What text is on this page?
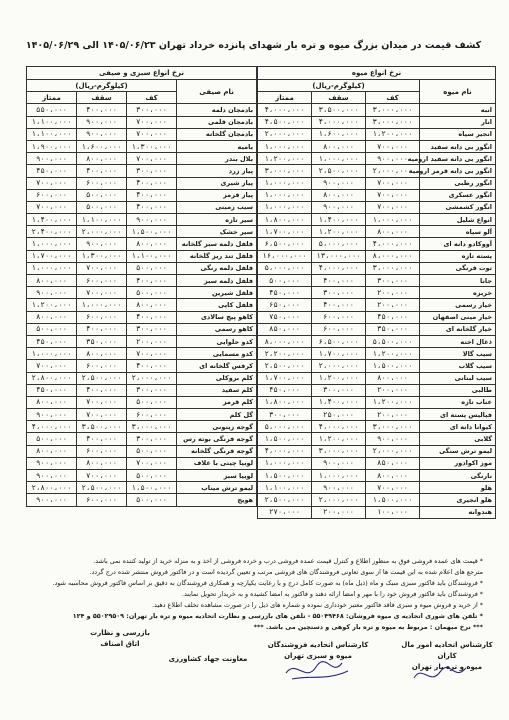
کشف قیمت در میدان بزرگ میوه و تره بار شهدای پانزده خرداد تهران ۱۴۰۵/۰۶/۲۳ الی ۱۴۰۵/۰۶/۲۹
نرخ انواع میوه			
نام میوه	(کیلوگرم-ریال)		
	کف	سقف	ممتاز
انبه	۳،۰۰۰،۰۰۰	۳،۵۰۰،۰۰۰	۴،۰۰۰،۰۰۰
انار	۳،۰۰۰،۰۰۰	۴،۰۰۰،۰۰۰	۴،۵۰۰،۰۰۰
انجیر سیاه	۱،۲۰۰،۰۰۰	۱،۶۰۰،۰۰۰	۲،۰۰۰،۰۰۰
انگور بی دانه سفید	۷۰۰،۰۰۰	۸۰۰،۰۰۰	۱،۰۰۰،۰۰۰
انگور بی دانه سفید ارومیه	۹۰۰،۰۰۰	۱،۰۰۰،۰۰۰	۱،۲۰۰،۰۰۰
انگور بی دانه قرمز ارومیه	۲،۰۰۰،۰۰۰	۲،۵۰۰،۰۰۰	۳،۰۰۰،۰۰۰
انگور رطبی	۷۰۰،۰۰۰	۹۰۰،۰۰۰	۱،۰۰۰،۰۰۰
انگور عسکری	۷۰۰،۰۰۰	۸۰۰،۰۰۰	۱،۰۰۰،۰۰۰
انگور کشمشی	۷۰۰،۰۰۰	۹۰۰،۰۰۰	۱،۰۰۰،۰۰۰
انواع شلیل	۱،۰۰۰،۰۰۰	۱،۴۰۰،۰۰۰	۱،۸۰۰،۰۰۰
آلو سیاه	۸۰۰،۰۰۰	۱،۲۰۰،۰۰۰	۱،۷۰۰،۰۰۰
آووکادو دانه ای	۴،۰۰۰،۰۰۰	۵،۰۰۰،۰۰۰	۶،۵۰۰،۰۰۰
پسته تازه	۸،۰۰۰،۰۰۰	۱۳،۰۰۰،۰۰۰	۱۶،۰۰۰،۰۰۰
توت فرنگی	۳،۰۰۰،۰۰۰	۴،۰۰۰،۰۰۰	۵،۰۰۰،۰۰۰
جانا	۳۰۰،۰۰۰	۴۰۰،۰۰۰	۵۰۰،۰۰۰
خربزه	۲۰۰،۰۰۰	۳۰۰،۰۰۰	۴۵۰،۰۰۰
خیار رسمی	۲۰۰،۰۰۰	۴۰۰،۰۰۰	۶۵۰،۰۰۰
خیار مینی اصفهان	۴۵۰،۰۰۰	۶۰۰،۰۰۰	۷۵۰،۰۰۰
خیار گلخانه ای	۳۵۰،۰۰۰	۶۰۰،۰۰۰	۸۵۰،۰۰۰
ذغال اخته	۵،۵۰۰،۰۰۰	۶،۵۰۰،۰۰۰	۸،۰۰۰،۰۰۰
سیب گالا	۱،۲۰۰،۰۰۰	۱،۷۰۰،۰۰۰	۲،۲۰۰،۰۰۰
سیب گلاب	۱،۵۰۰،۰۰۰	۲،۰۰۰،۰۰۰	۲،۵۰۰،۰۰۰
سیب لبنانی	۸۰۰،۰۰۰	۱،۲۰۰،۰۰۰	۱،۷۰۰،۰۰۰
طالبی	۲۰۰،۰۰۰	۳۰۰،۰۰۰	۴۵۰،۰۰۰
عناب تازه	۱،۲۰۰،۰۰۰	۱،۴۰۰،۰۰۰	۱،۸۰۰،۰۰۰
فیالیس پسته ای	۲۰۰،۰۰۰	۲۵۰،۰۰۰	۳۰۰،۰۰۰
کیوانا دانه ای	۳،۰۰۰،۰۰۰	۴،۰۰۰،۰۰۰	۵،۰۰۰،۰۰۰
گلابی	۹۰۰،۰۰۰	۱،۲۰۰،۰۰۰	۱،۵۰۰،۰۰۰
لیمو ترش سنگی	۲،۰۰۰،۰۰۰	۳،۰۰۰،۰۰۰	۴،۰۰۰،۰۰۰
موز اکوادور	۸۵۰،۰۰۰	۹۰۰،۰۰۰	۱،۰۰۰،۰۰۰
نارنگی	۸۰۰،۰۰۰	۱،۰۰۰،۰۰۰	۱،۵۰۰،۰۰۰
هلو	۷۰۰،۰۰۰	۹۰۰،۰۰۰	۱،۱۰۰،۰۰۰
هلو انجیری	۱،۵۰۰،۰۰۰	۲،۰۰۰،۰۰۰	۲،۵۰۰،۰۰۰
هندوانه	۱۰۰،۰۰۰	۲۰۰،۰۰۰	۲۷۰،۰۰۰
نرخ انواع سبزی و صیفی			
نام صیفی	(کیلوگرم-ریال)		
	کف	سقف	ممتاز
بادمجان دلمه	۳۰۰،۰۰۰	۴۰۰،۰۰۰	۵۵۰،۰۰۰
بادمجان قلمی	۷۰۰،۰۰۰	۹۰۰،۰۰۰	۱،۱۰۰،۰۰۰
بادمجان گلخانه	۷۰۰،۰۰۰	۹۰۰،۰۰۰	۱،۱۰۰،۰۰۰
بامیه	۱،۳۰۰،۰۰۰	۱،۶۰۰،۰۰۰	۱،۹۰۰،۰۰۰
بلال بندر	۷۰۰،۰۰۰	۸۰۰،۰۰۰	۹۰۰،۰۰۰
پیاز زرد	۳۰۰،۰۰۰	۴۰۰،۰۰۰	۴۵۰،۰۰۰
پیاز شیری	۴۰۰،۰۰۰	۶۰۰،۰۰۰	۷۰۰،۰۰۰
پیاز قرمز	۴۰۰،۰۰۰	۵۰۰،۰۰۰	۶۰۰،۰۰۰
سیب زمینی	۴۰۰،۰۰۰	۵۰۰،۰۰۰	۷۰۰،۰۰۰
سیر تازه	۹۰۰،۰۰۰	۱،۱۰۰،۰۰۰	۱،۴۰۰،۰۰۰
سیر خشک	۱،۵۰۰،۰۰۰	۲،۰۰۰،۰۰۰	۲،۴۰۰،۰۰۰
فلفل دلمه سبز گلخانه	۸۰۰،۰۰۰	۹۰۰،۰۰۰	۱،۰۰۰،۰۰۰
فلفل تند ریز گلخانه	۱،۱۰۰،۰۰۰	۱،۳۰۰،۰۰۰	۱،۷۰۰،۰۰۰
فلفل دلمه رنگی	۵۰۰،۰۰۰	۷۰۰،۰۰۰	۱،۰۰۰،۰۰۰
فلفل دلمه سبز	۴۰۰،۰۰۰	۶۰۰،۰۰۰	۸۰۰،۰۰۰
فلفل شیرین	۵۰۰،۰۰۰	۷۰۰،۰۰۰	۹۰۰،۰۰۰
فلفل کاپی	۸۰۰،۰۰۰	۱،۰۰۰،۰۰۰	۱،۲۰۰،۰۰۰
کاهو پیچ سالادی	۴۰۰،۰۰۰	۶۰۰،۰۰۰	۸۰۰،۰۰۰
کاهو رسمی	۳۰۰،۰۰۰	۴۰۰،۰۰۰	۵۰۰،۰۰۰
کدو حلوایی	۲۰۰،۰۰۰	۳۵۰،۰۰۰	۴۵۰،۰۰۰
کدو مسمایی	۷۰۰،۰۰۰	۸۰۰،۰۰۰	۱،۰۰۰،۰۰۰
کرفس گلخانه ای	۴۰۰،۰۰۰	۶۰۰،۰۰۰	۷۰۰،۰۰۰
کلم بروکلی	۲،۰۰۰،۰۰۰	۲،۵۰۰،۰۰۰	۲،۸۰۰،۰۰۰
کلم سفید	۳۰۰،۰۰۰	۴۰۰،۰۰۰	۴۵۰،۰۰۰
کلم قرمز	۵۰۰،۰۰۰	۷۰۰،۰۰۰	۸۰۰،۰۰۰
گل کلم	۶۰۰،۰۰۰	۷۰۰،۰۰۰	۹۰۰،۰۰۰
گوجه زیتونی	۳،۰۰۰،۰۰۰	۳،۵۰۰،۰۰۰	۴،۰۰۰،۰۰۰
گوجه فرنگی بوته رس	۳۰۰،۰۰۰	۴۰۰،۰۰۰	۵۰۰،۰۰۰
گوجه فرنگی گلخانه	۵۰۰،۰۰۰	۶۰۰،۰۰۰	۸۰۰،۰۰۰
لوبیا چیتی با غلاف	۷۰۰،۰۰۰	۸۰۰،۰۰۰	۹۰۰،۰۰۰
لوبیا سبز	۵۰۰،۰۰۰	۷۰۰،۰۰۰	۹۰۰،۰۰۰
لیمو ترش میناب	۱،۵۰۰،۰۰۰	۲،۵۰۰،۰۰۰	۲،۸۰۰،۰۰۰
هویج	۵۰۰،۰۰۰	۶۰۰،۰۰۰	۹۰۰،۰۰۰
* قیمت های عمده فروشی فوق به منظور اطلاع و کنترل قیمت عمده فروشی درب و خرده فروشی از اخذ و به منزله خرید از تولید کننده نمی باشد.
مترجع های اعلام شده به این قیمت ها از سوی تعاونی فروشندگان های فروشی مرتب و تعیین گردیده است و در فاکتور فروش منتشر شده درج گردد.
* فروشندگان باید فاکتور سبزی سبک و ماه (ذیل ماه) به صورت کامل درج و با رعایت یکپارچه و همکاری فروشندگان به دقیق بر اساس فاکتور فروش محاسبه شود.
* فروشندگان باید فاکتور فروش خود را با مهر و امضا ارائه دهند و فاکتور به امضا کشیده و به خریدار تحویل نمایند.
* از خرید و فروش میوه و سبزی فاقد فاکتور معتبر خودداری نموده و شماره های ذیل را در صورت مشاهده تخلف اطلاع دهید.
* تلفن های شوری اتحادیه ی میوه فروشان: ۵۵۰۴۹۴۶۸ - تلفن های بازرسی و نظارت اتحادیه میوه و تره بار تهران: ۵۵۰۲۹۵۰۹ و ۱۲۴
*** نرخ میهمان : مربوط به میوه و تره بار کوهی و دستچین می باشد. ***
کارشناس اتحادیه امور مال کاران
میوه و تره بار تهران
کارشناس اتحادیه فروشندگان
میوه و سبزی تهران
معاونت جهاد کشاورزی
بازرسی و نظارت
اتاق اصناف
